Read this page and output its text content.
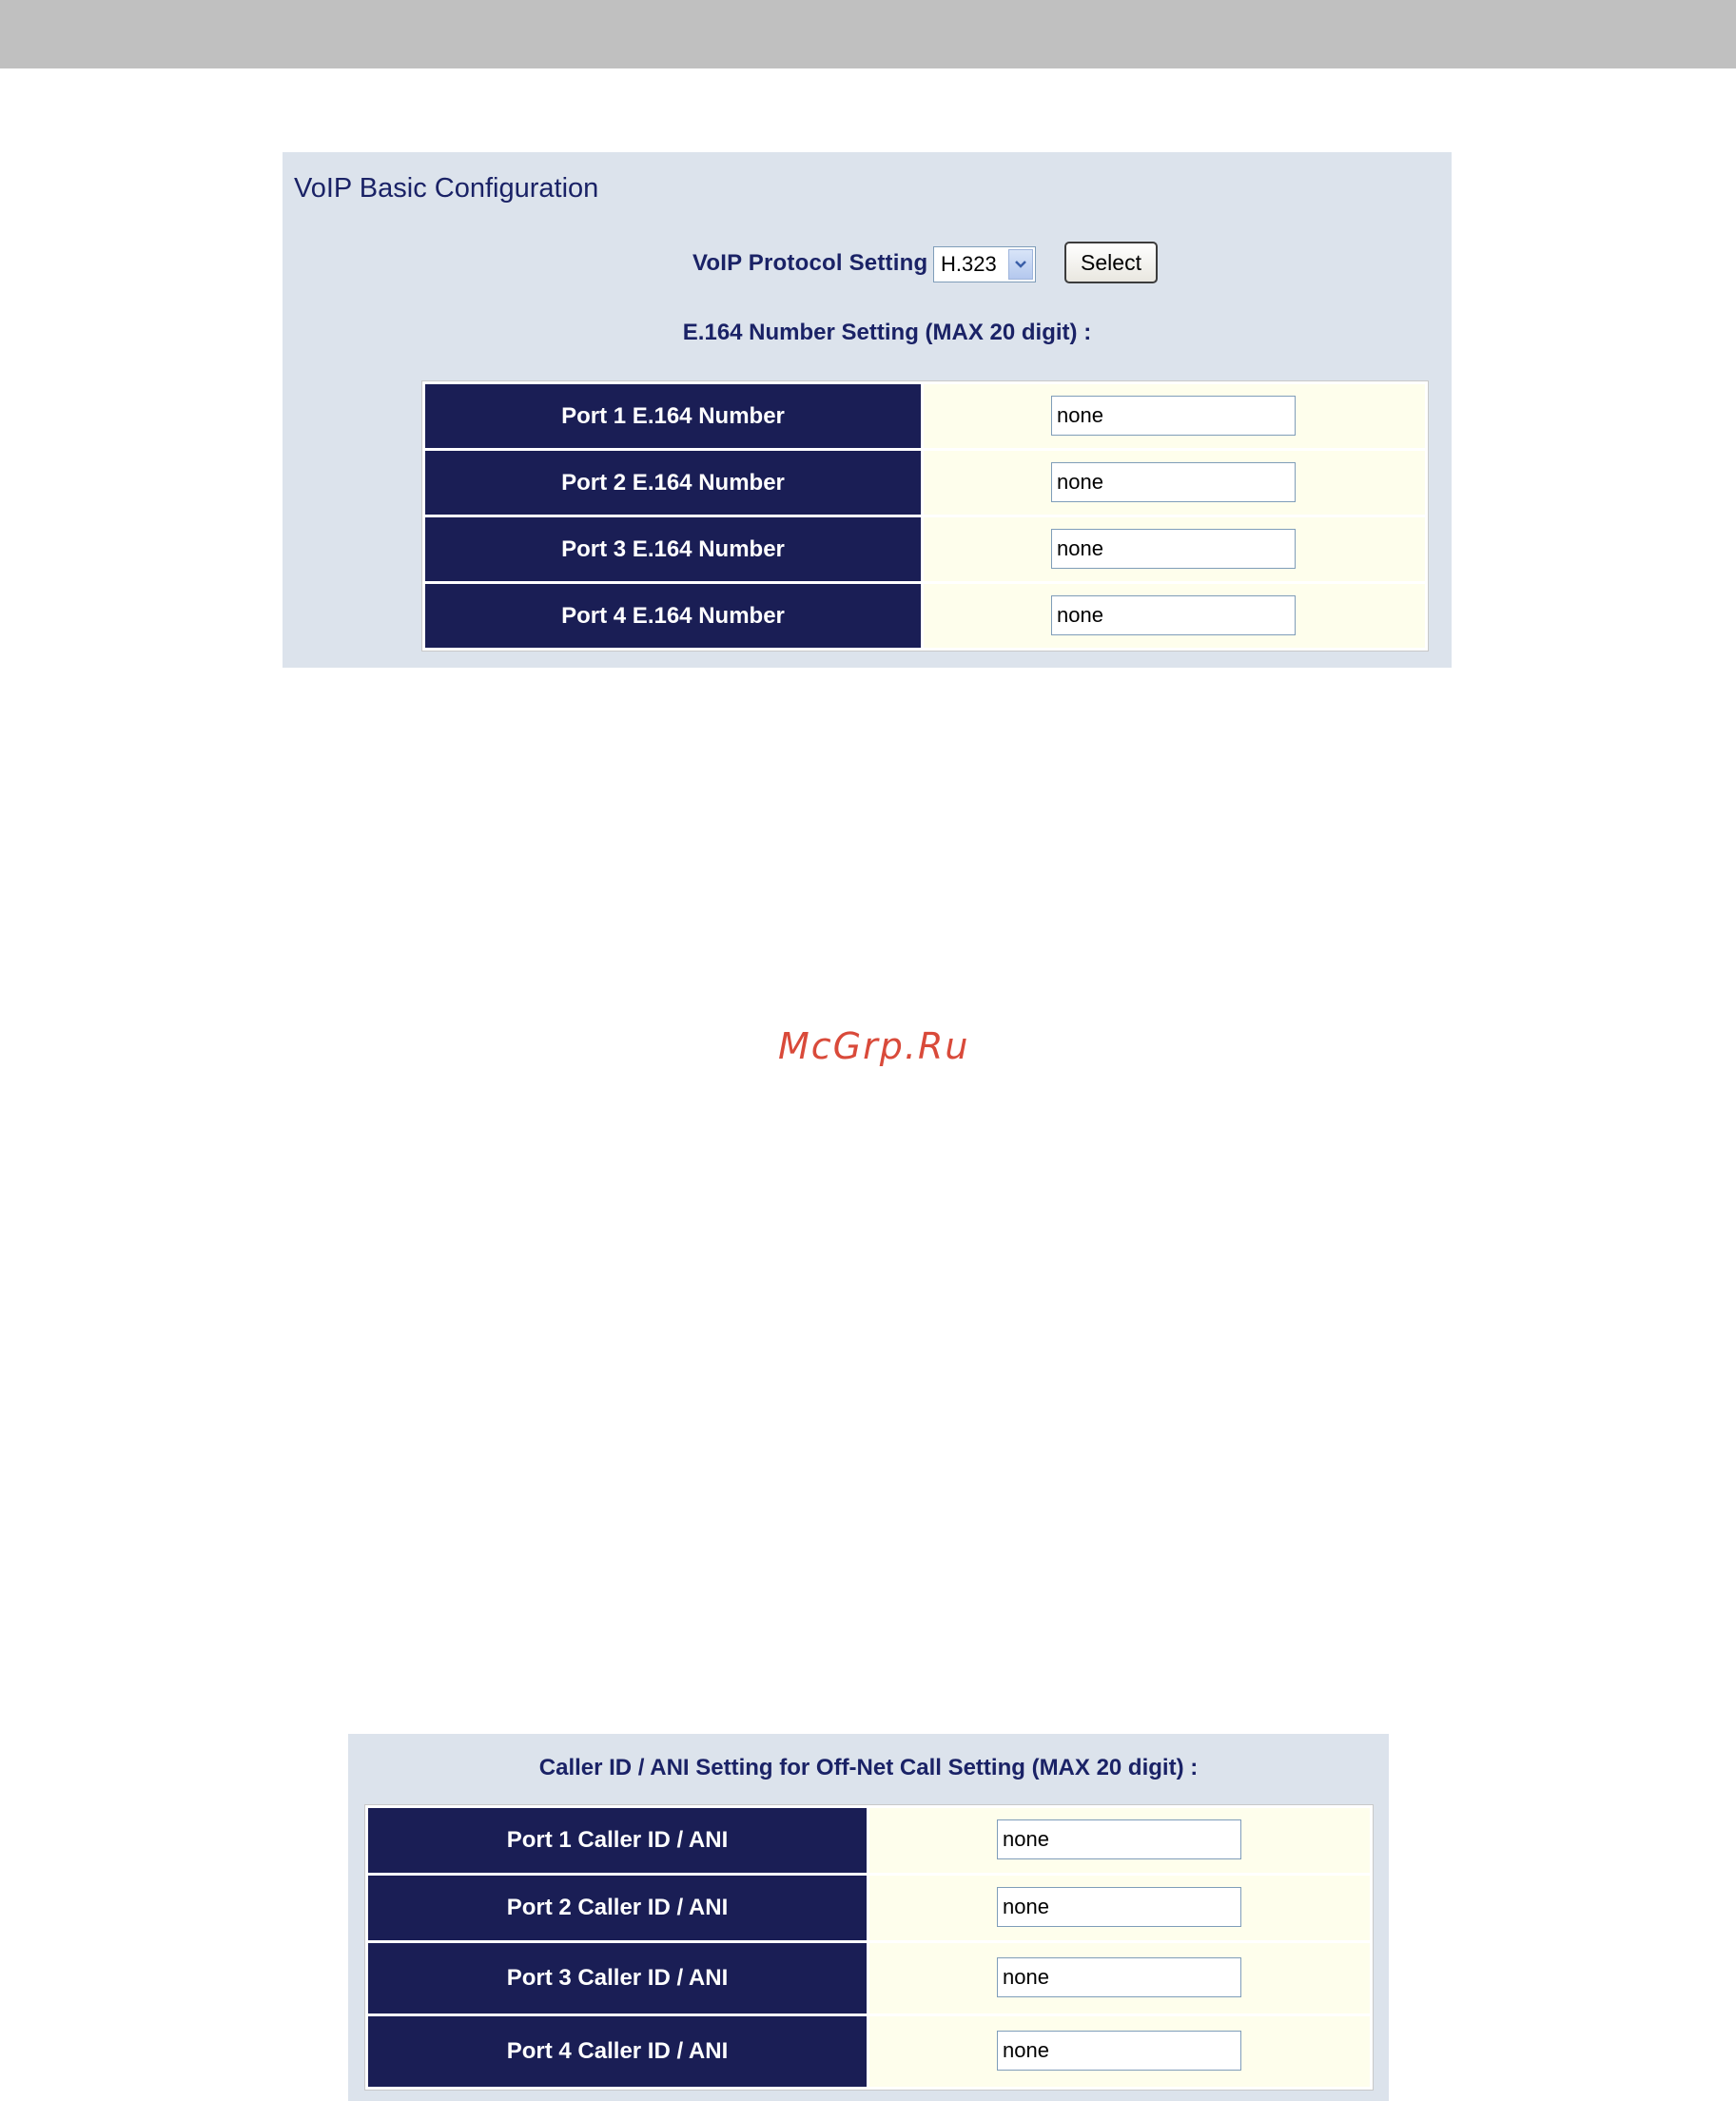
VoIP Basic Configuration
VoIP Protocol Setting H.323	Select
E.164 Number Setting (MAX 20 digit) :
Port 1 E.164 Number	none

Port 2 E.164 Number	none

Port 3 E.164 Number	none

Port 4 E.164 Number	none
McGrp.Ru
Caller ID / ANI Setting for Off-Net Call Setting (MAX 20 digit) :
Port 1 Caller ID / ANI	none

Port 2 Caller ID / ANI	none

Port 3 Caller ID / ANI	none

Port 4 Caller ID / ANI	none
